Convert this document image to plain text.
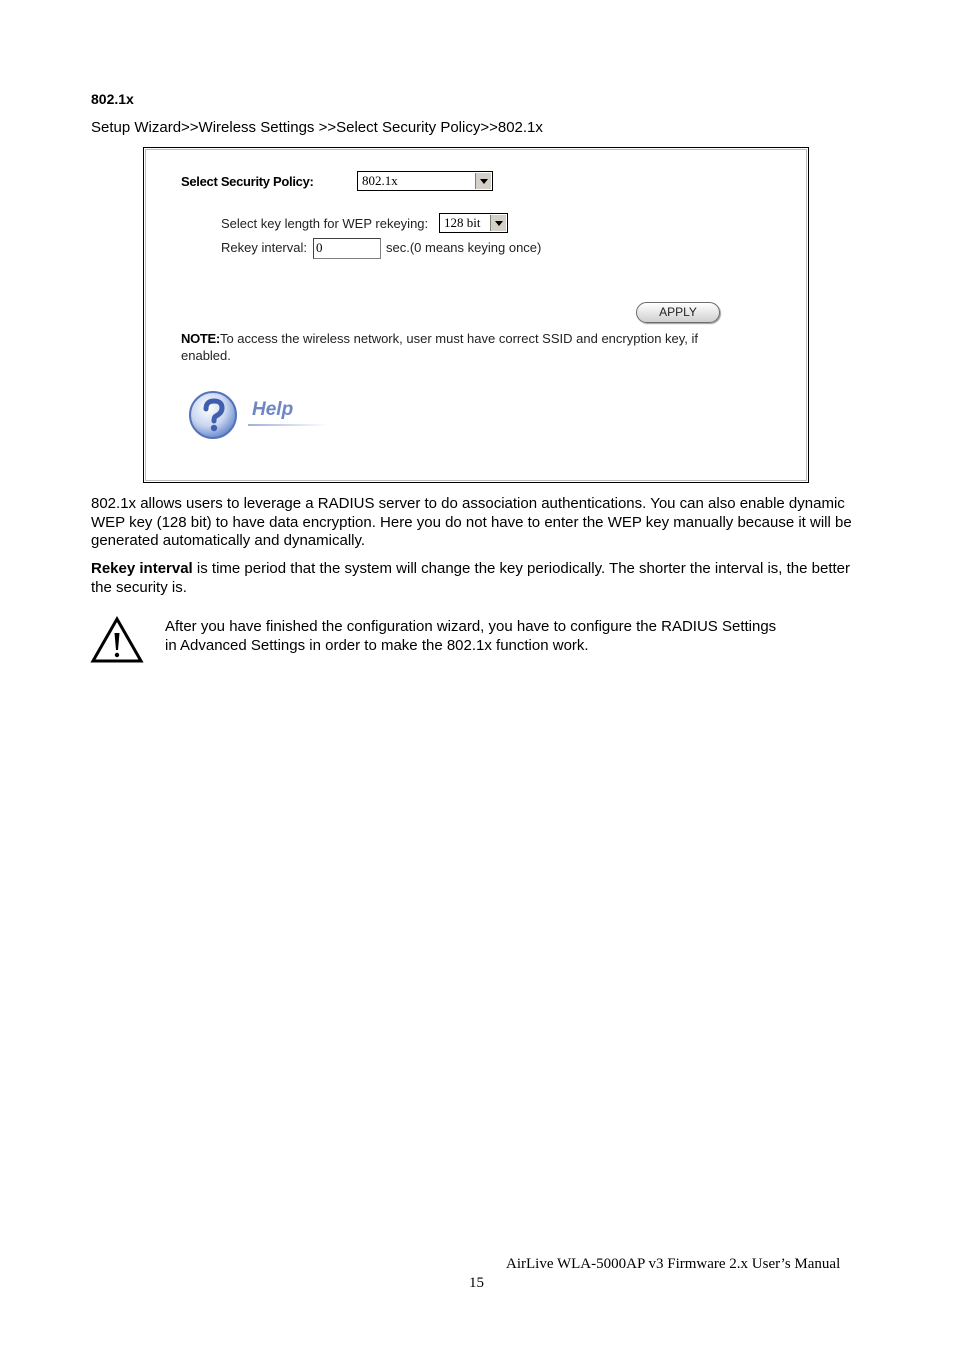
802.1x
Setup Wizard>>Wireless Settings >>Select Security Policy>>802.1x
Select Security Policy:	802.1x
Select key length for WEP rekeying: 128 bit
Rekey interval: 0	sec.(0 means keying once)
APPLY
NOTE:To access the wireless network, user must have correct SSID and encryption key, if enabled.
Help
802.1x allows users to leverage a RADIUS server to do association authentications. You can also enable dynamic WEP key (128 bit) to have data encryption. Here you do not have to enter the WEP key manually because it will be generated automatically and dynamically.
Rekey interval is time period that the system will change the key periodically. The shorter the interval is, the better the security is.
After you have finished the configuration wizard, you have to configure the RADIUS Settings in Advanced Settings in order to make the 802.1x function work.
AirLive WLA-5000AP v3 Firmware 2.x User’s Manual
15
